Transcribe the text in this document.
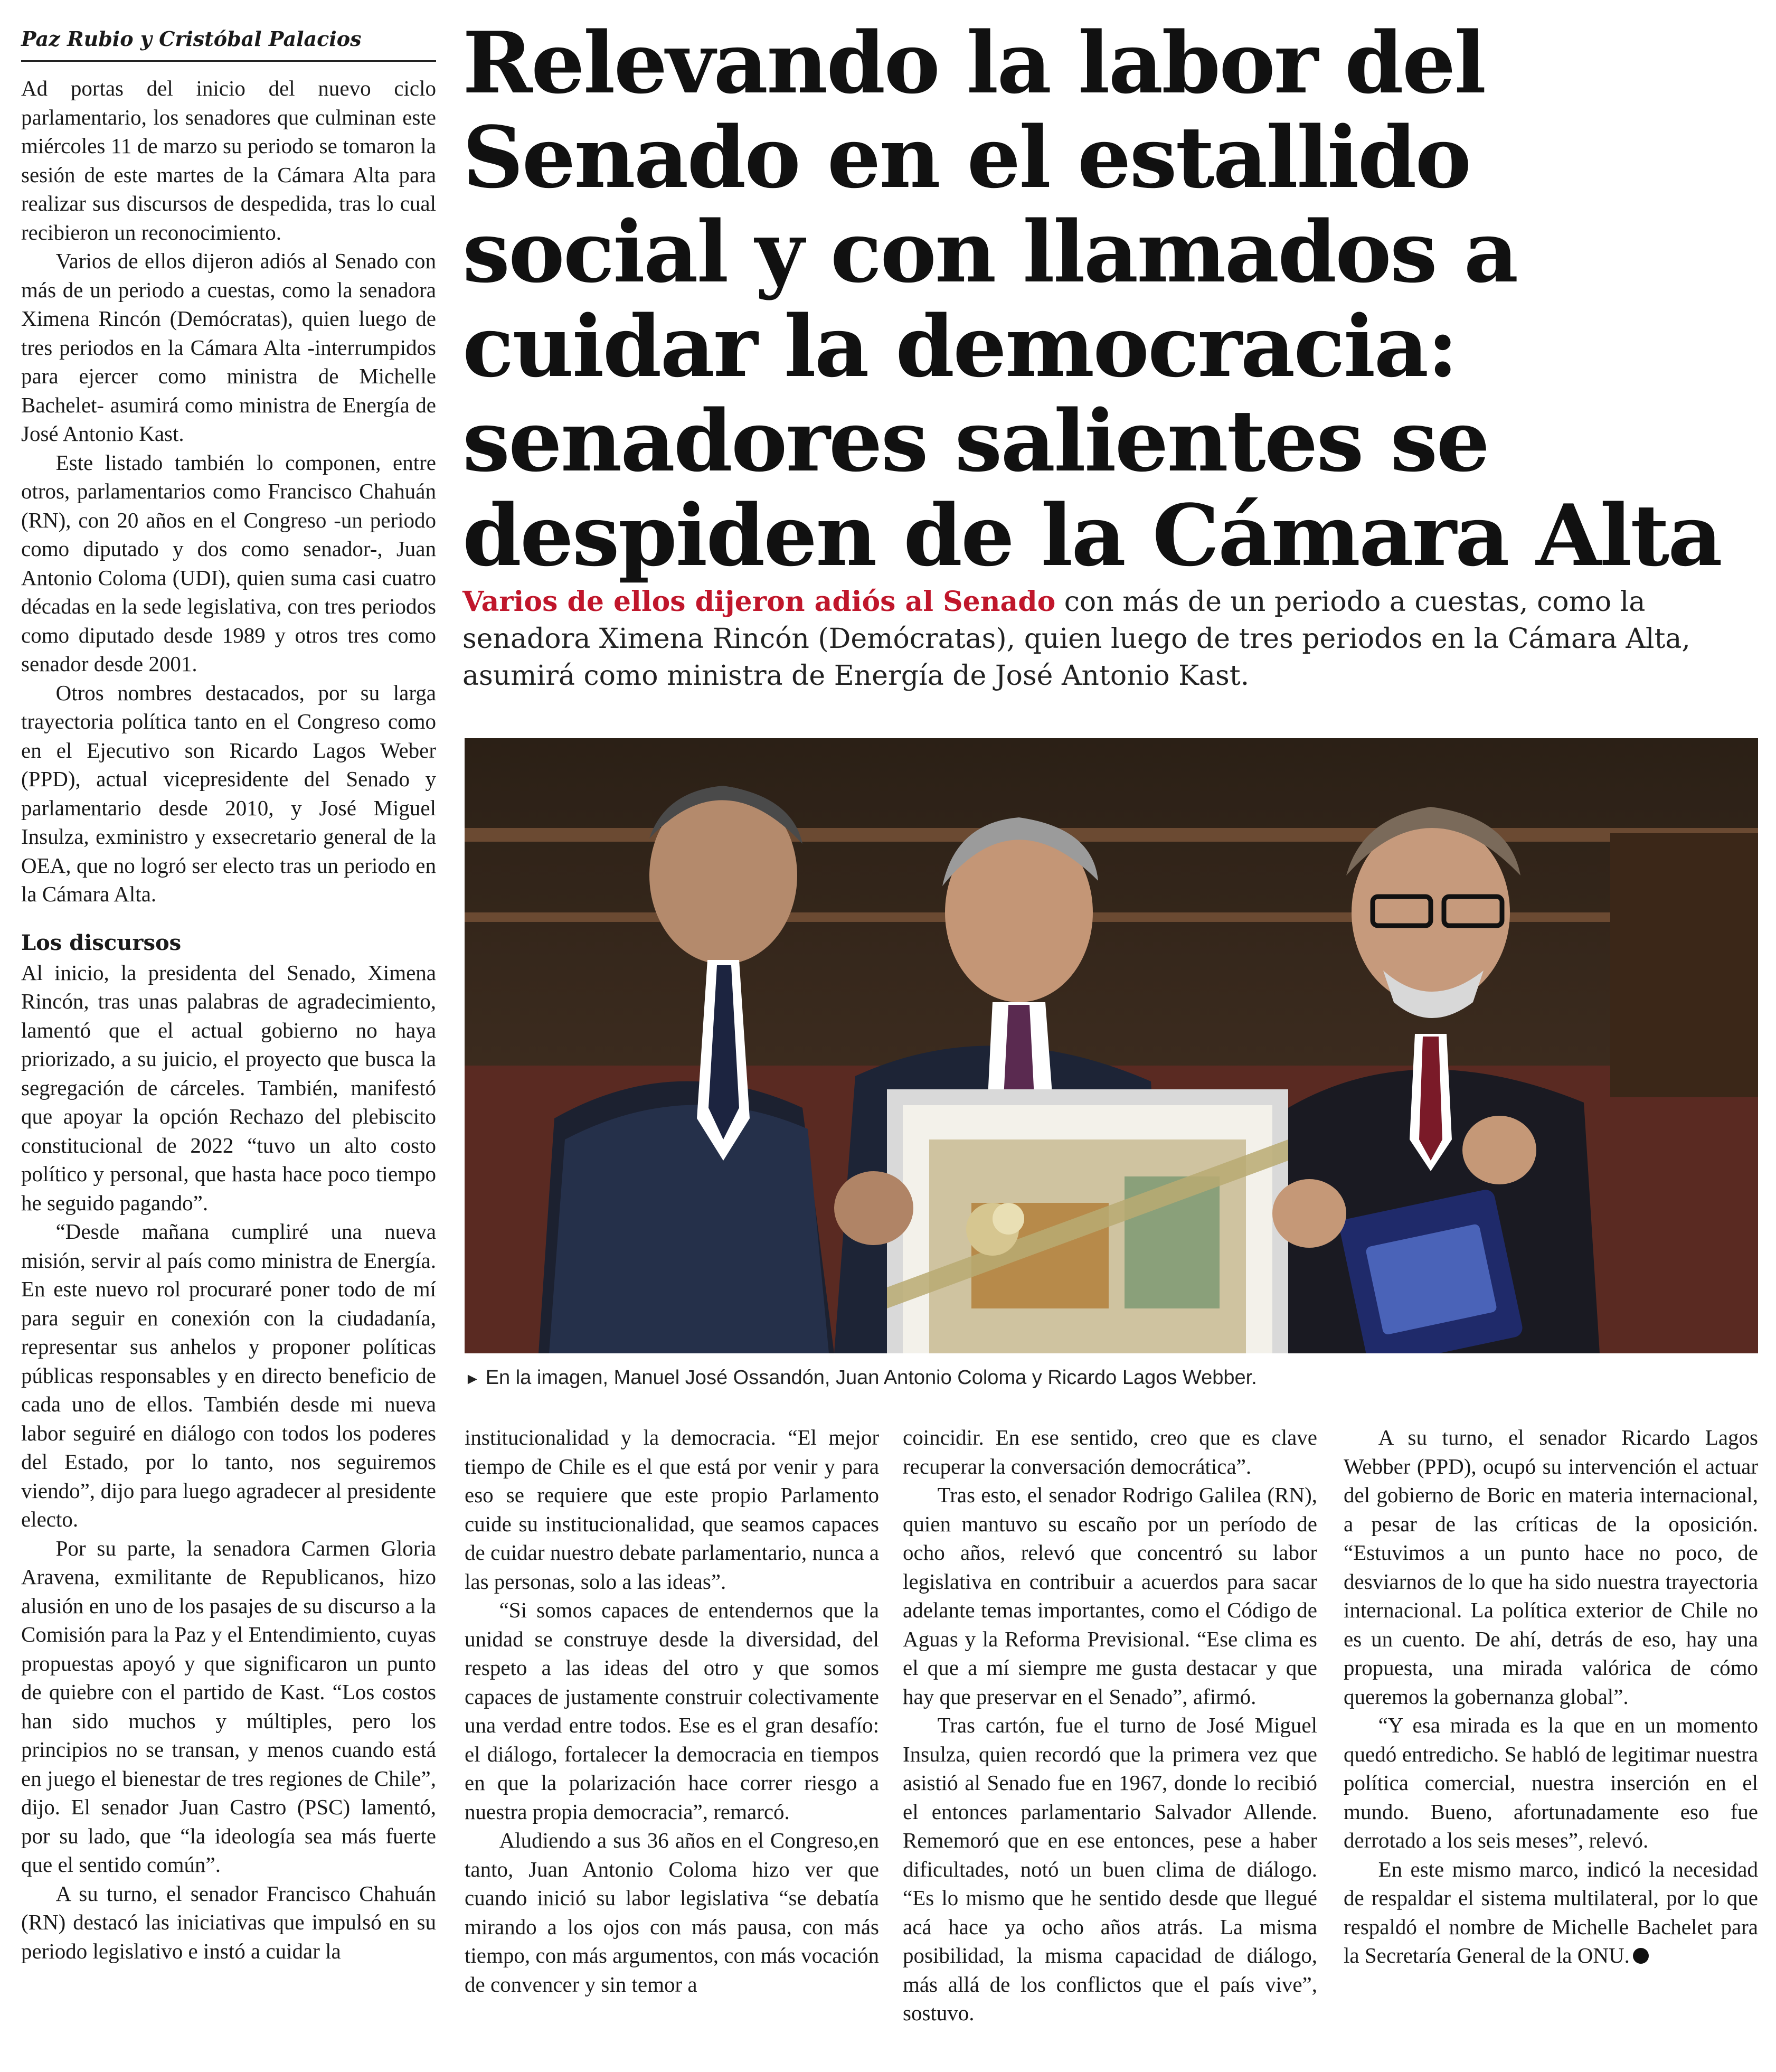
Paz Rubio y Cristóbal Palacios

Ad portas del inicio del nuevo ciclo parlamentario, los senadores que culminan este miércoles 11 de marzo su periodo se tomaron la sesión de este martes de la Cámara Alta para realizar sus discursos de despedida, tras lo cual recibieron un reconocimiento.

Varios de ellos dijeron adiós al Senado con más de un periodo a cuestas, como la senadora Ximena Rincón (Demócratas), quien luego de tres periodos en la Cámara Alta -interrumpidos para ejercer como ministra de Michelle Bachelet- asumirá como ministra de Energía de José Antonio Kast.

Este listado también lo componen, entre otros, parlamentarios como Francisco Chahuán (RN), con 20 años en el Congreso -un periodo como diputado y dos como senador-, Juan Antonio Coloma (UDI), quien suma casi cuatro décadas en la sede legislativa, con tres periodos como diputado desde 1989 y otros tres como senador desde 2001.

Otros nombres destacados, por su larga trayectoria política tanto en el Congreso como en el Ejecutivo son Ricardo Lagos Weber (PPD), actual vicepresidente del Senado y parlamentario desde 2010, y José Miguel Insulza, exministro y exsecretario general de la OEA, que no logró ser electo tras un periodo en la Cámara Alta.

Los discursos

Al inicio, la presidenta del Senado, Ximena Rincón, tras unas palabras de agradecimiento, lamentó que el actual gobierno no haya priorizado, a su juicio, el proyecto que busca la segregación de cárceles. También, manifestó que apoyar la opción Rechazo del plebiscito constitucional de 2022 “tuvo un alto costo político y personal, que hasta hace poco tiempo he seguido pagando”.

“Desde mañana cumpliré una nueva misión, servir al país como ministra de Energía. En este nuevo rol procuraré poner todo de mí para seguir en conexión con la ciudadanía, representar sus anhelos y proponer políticas públicas responsables y en directo beneficio de cada uno de ellos. También desde mi nueva labor seguiré en diálogo con todos los poderes del Estado, por lo tanto, nos seguiremos viendo”, dijo para luego agradecer al presidente electo.

Por su parte, la senadora Carmen Gloria Aravena, exmilitante de Republicanos, hizo alusión en uno de los pasajes de su discurso a la Comisión para la Paz y el Entendimiento, cuyas propuestas apoyó y que significaron un punto de quiebre con el partido de Kast. “Los costos han sido muchos y múltiples, pero los principios no se transan, y menos cuando está en juego el bienestar de tres regiones de Chile”, dijo. El senador Juan Castro (PSC) lamentó, por su lado, que “la ideología sea más fuerte que el sentido común”.

A su turno, el senador Francisco Chahuán (RN) destacó las iniciativas que impulsó en su periodo legislativo e instó a cuidar la

Relevando la labor del Senado en el estallido social y con llamados a cuidar la democracia: senadores salientes se despiden de la Cámara Alta

Varios de ellos dijeron adiós al Senado con más de un periodo a cuestas, como la senadora Ximena Rincón (Demócratas), quien luego de tres periodos en la Cámara Alta, asumirá como ministra de Energía de José Antonio Kast.

► En la imagen, Manuel José Ossandón, Juan Antonio Coloma y Ricardo Lagos Webber.

institucionalidad y la democracia. “El mejor tiempo de Chile es el que está por venir y para eso se requiere que este propio Parlamento cuide su institucionalidad, que seamos capaces de cuidar nuestro debate parlamentario, nunca a las personas, solo a las ideas”.

“Si somos capaces de entendernos que la unidad se construye desde la diversidad, del respeto a las ideas del otro y que somos capaces de justamente construir colectivamente una verdad entre todos. Ese es el gran desafío: el diálogo, fortalecer la democracia en tiempos en que la polarización hace correr riesgo a nuestra propia democracia”, remarcó.

Aludiendo a sus 36 años en el Congreso,en tanto, Juan Antonio Coloma hizo ver que cuando inició su labor legislativa “se debatía mirando a los ojos con más pausa, con más tiempo, con más argumentos, con más vocación de convencer y sin temor a

coincidir. En ese sentido, creo que es clave recuperar la conversación democrática”.

Tras esto, el senador Rodrigo Galilea (RN), quien mantuvo su escaño por un período de ocho años, relevó que concentró su labor legislativa en contribuir a acuerdos para sacar adelante temas importantes, como el Código de Aguas y la Reforma Previsional. “Ese clima es el que a mí siempre me gusta destacar y que hay que preservar en el Senado”, afirmó.

Tras cartón, fue el turno de José Miguel Insulza, quien recordó que la primera vez que asistió al Senado fue en 1967, donde lo recibió el entonces parlamentario Salvador Allende. Rememoró que en ese entonces, pese a haber dificultades, notó un buen clima de diálogo. “Es lo mismo que he sentido desde que llegué acá hace ya ocho años atrás. La misma posibilidad, la misma capacidad de diálogo, más allá de los conflictos que el país vive”, sostuvo.

A su turno, el senador Ricardo Lagos Webber (PPD), ocupó su intervención el actuar del gobierno de Boric en materia internacional, a pesar de las críticas de la oposición. “Estuvimos a un punto hace no poco, de desviarnos de lo que ha sido nuestra trayectoria internacional. La política exterior de Chile no es un cuento. De ahí, detrás de eso, hay una propuesta, una mirada valórica de cómo queremos la gobernanza global”.

“Y esa mirada es la que en un momento quedó entredicho. Se habló de legitimar nuestra política comercial, nuestra inserción en el mundo. Bueno, afortunadamente eso fue derrotado a los seis meses”, relevó.

En este mismo marco, indicó la necesidad de respaldar el sistema multilateral, por lo que respaldó el nombre de Michelle Bachelet para la Secretaría General de la ONU.
